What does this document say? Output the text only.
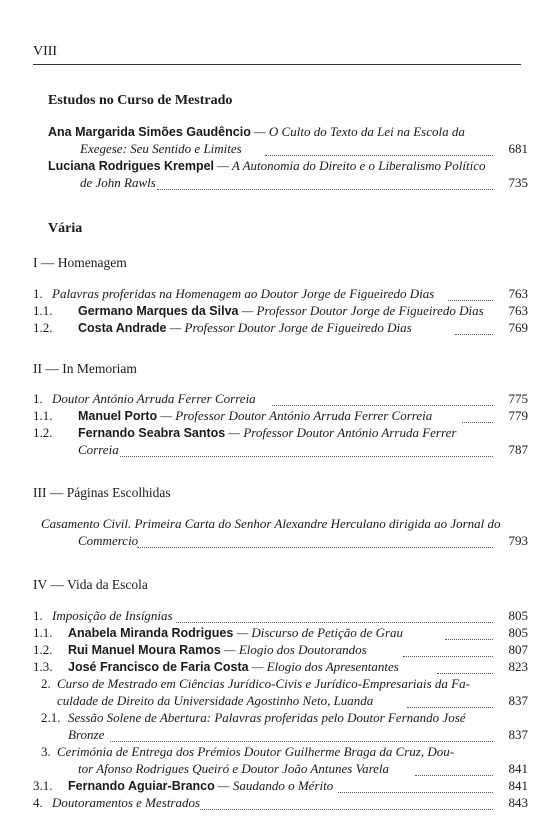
VIII
Estudos no Curso de Mestrado
Ana Margarida Simões Gaudêncio — O Culto do Texto da Lei na Escola da
Exegese: Seu Sentido e Limites	681
Luciana Rodrigues Krempel — A Autonomia do Direito e o Liberalismo Político
de John Rawls	735
Vária
I — Homenagem
1. Palavras proferidas na Homenagem ao Doutor Jorge de Figueiredo Dias	763
1.1. Germano Marques da Silva — Professor Doutor Jorge de Figueiredo Dias	763
1.2. Costa Andrade — Professor Doutor Jorge de Figueiredo Dias	769
II — In Memoriam
1. Doutor António Arruda Ferrer Correia	775
1.1. Manuel Porto — Professor Doutor António Arruda Ferrer Correia	779
1.2. Fernando Seabra Santos — Professor Doutor António Arruda Ferrer
Correia	787
III — Páginas Escolhidas
Casamento Civil. Primeira Carta do Senhor Alexandre Herculano dirigida ao Jornal do
Commercio	793
IV — Vida da Escola
1. Imposição de Insígnias	805
1.1. Anabela Miranda Rodrigues — Discurso de Petição de Grau	805
1.2. Rui Manuel Moura Ramos — Elogio dos Doutorandos	807
1.3. José Francisco de Faria Costa — Elogio dos Apresentantes	823
2. Curso de Mestrado em Ciências Jurídico-Civis e Jurídico-Empresariais da Fa-
culdade de Direito da Universidade Agostinho Neto, Luanda	837
2.1. Sessão Solene de Abertura: Palavras proferidas pelo Doutor Fernando José
Bronze	837
3. Cerimónia de Entrega dos Prémios Doutor Guilherme Braga da Cruz, Dou-
tor Afonso Rodrigues Queiró e Doutor João Antunes Varela	841
3.1. Fernando Aguiar-Branco — Saudando o Mérito	841
4. Doutoramentos e Mestrados	843
